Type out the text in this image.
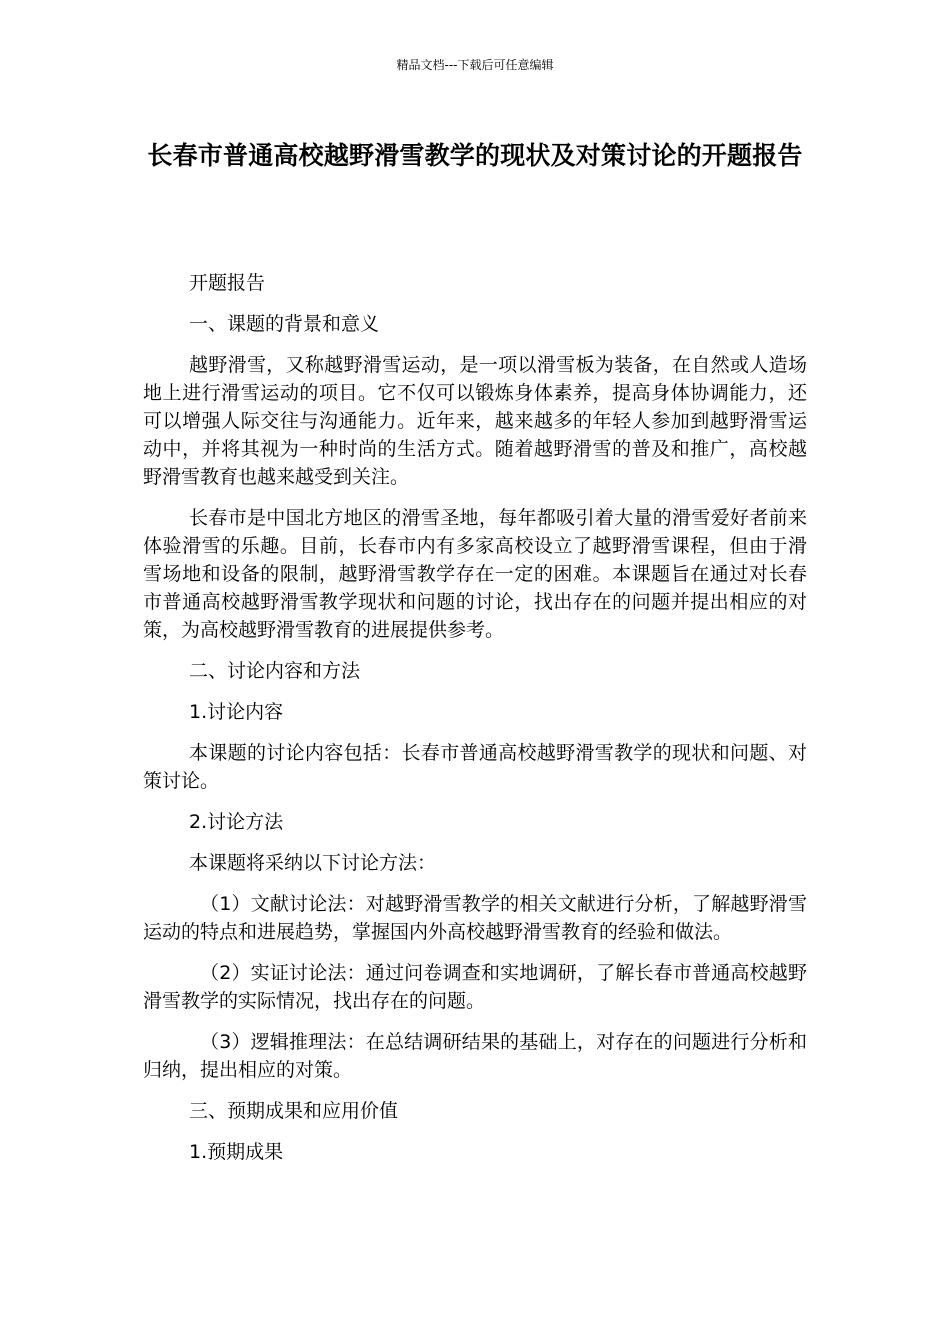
精品文档---下载后可任意编辑
长春市普通高校越野滑雪教学的现状及对策讨论的开题报告

开题报告

一、课题的背景和意义

越野滑雪，又称越野滑雪运动，是一项以滑雪板为装备，在自然或人造场地上进行滑雪运动的项目。它不仅可以锻炼身体素养，提高身体协调能力，还可以增强人际交往与沟通能力。近年来，越来越多的年轻人参加到越野滑雪运动中，并将其视为一种时尚的生活方式。随着越野滑雪的普及和推广，高校越野滑雪教育也越来越受到关注。

长春市是中国北方地区的滑雪圣地，每年都吸引着大量的滑雪爱好者前来体验滑雪的乐趣。目前，长春市内有多家高校设立了越野滑雪课程，但由于滑雪场地和设备的限制，越野滑雪教学存在一定的困难。本课题旨在通过对长春市普通高校越野滑雪教学现状和问题的讨论，找出存在的问题并提出相应的对策，为高校越野滑雪教育的进展提供参考。

二、讨论内容和方法

1.讨论内容

本课题的讨论内容包括：长春市普通高校越野滑雪教学的现状和问题、对策讨论。

2.讨论方法

本课题将采纳以下讨论方法：

（1）文献讨论法：对越野滑雪教学的相关文献进行分析，了解越野滑雪运动的特点和进展趋势，掌握国内外高校越野滑雪教育的经验和做法。

（2）实证讨论法：通过问卷调查和实地调研，了解长春市普通高校越野滑雪教学的实际情况，找出存在的问题。

（3）逻辑推理法：在总结调研结果的基础上，对存在的问题进行分析和归纳，提出相应的对策。

三、预期成果和应用价值

1.预期成果
